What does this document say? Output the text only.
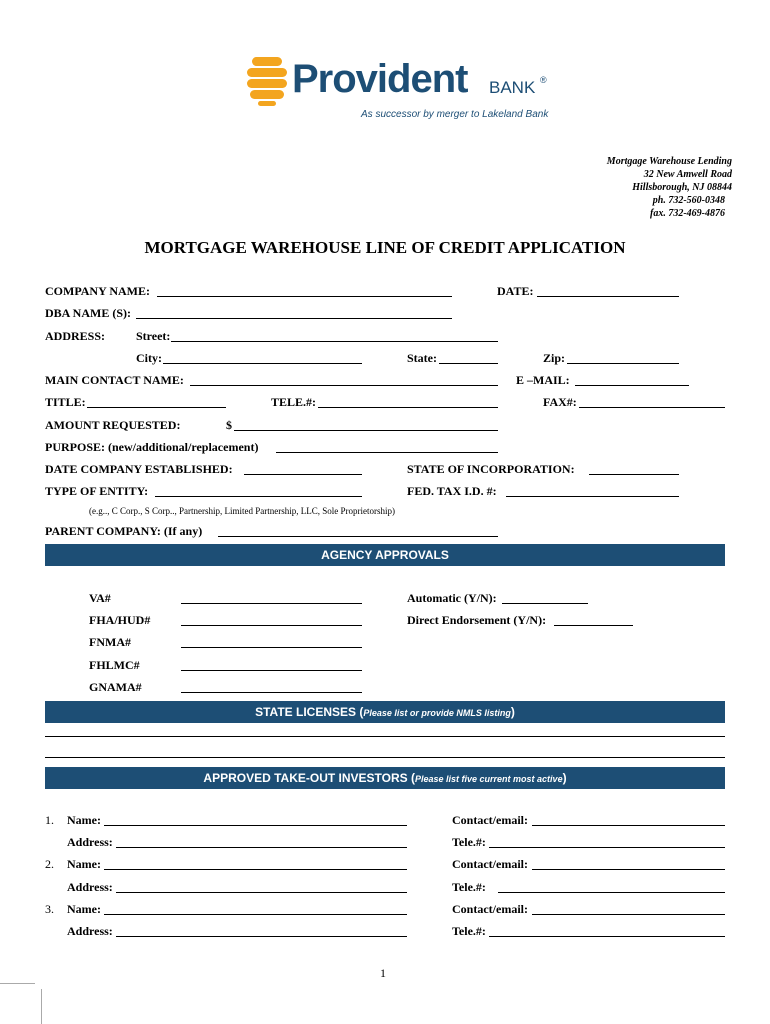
Provident BANK ®
As successor by merger to Lakeland Bank
Mortgage Warehouse Lending
32 New Amwell Road
Hillsborough, NJ 08844
ph. 732-560-0348
fax. 732-469-4876
MORTGAGE WAREHOUSE LINE OF CREDIT APPLICATION
COMPANY NAME:	DATE:
DBA NAME (S):
ADDRESS:	Street:
City:	State:	Zip:
MAIN CONTACT NAME:	E –MAIL:
TITLE:	TELE.#:	FAX#:
AMOUNT REQUESTED:	$
PURPOSE: (new/additional/replacement)
DATE COMPANY ESTABLISHED:	STATE OF INCORPORATION:
TYPE OF ENTITY:	FED. TAX I.D. #:
(e.g.., C Corp., S Corp.., Partnership, Limited Partnership, LLC, Sole Proprietorship)
PARENT COMPANY: (If any)
AGENCY APPROVALS
VA#	Automatic (Y/N):
FHA/HUD#	Direct Endorsement (Y/N):
FNMA#
FHLMC#
GNAMA#
STATE LICENSES (Please list or provide NMLS listing)
APPROVED TAKE-OUT INVESTORS (Please list five current most active)
1. Name:	Contact/email:
Address:	Tele.#:
2. Name:	Contact/email:
Address:	Tele.#:
3. Name:	Contact/email:
Address:	Tele.#:
1
